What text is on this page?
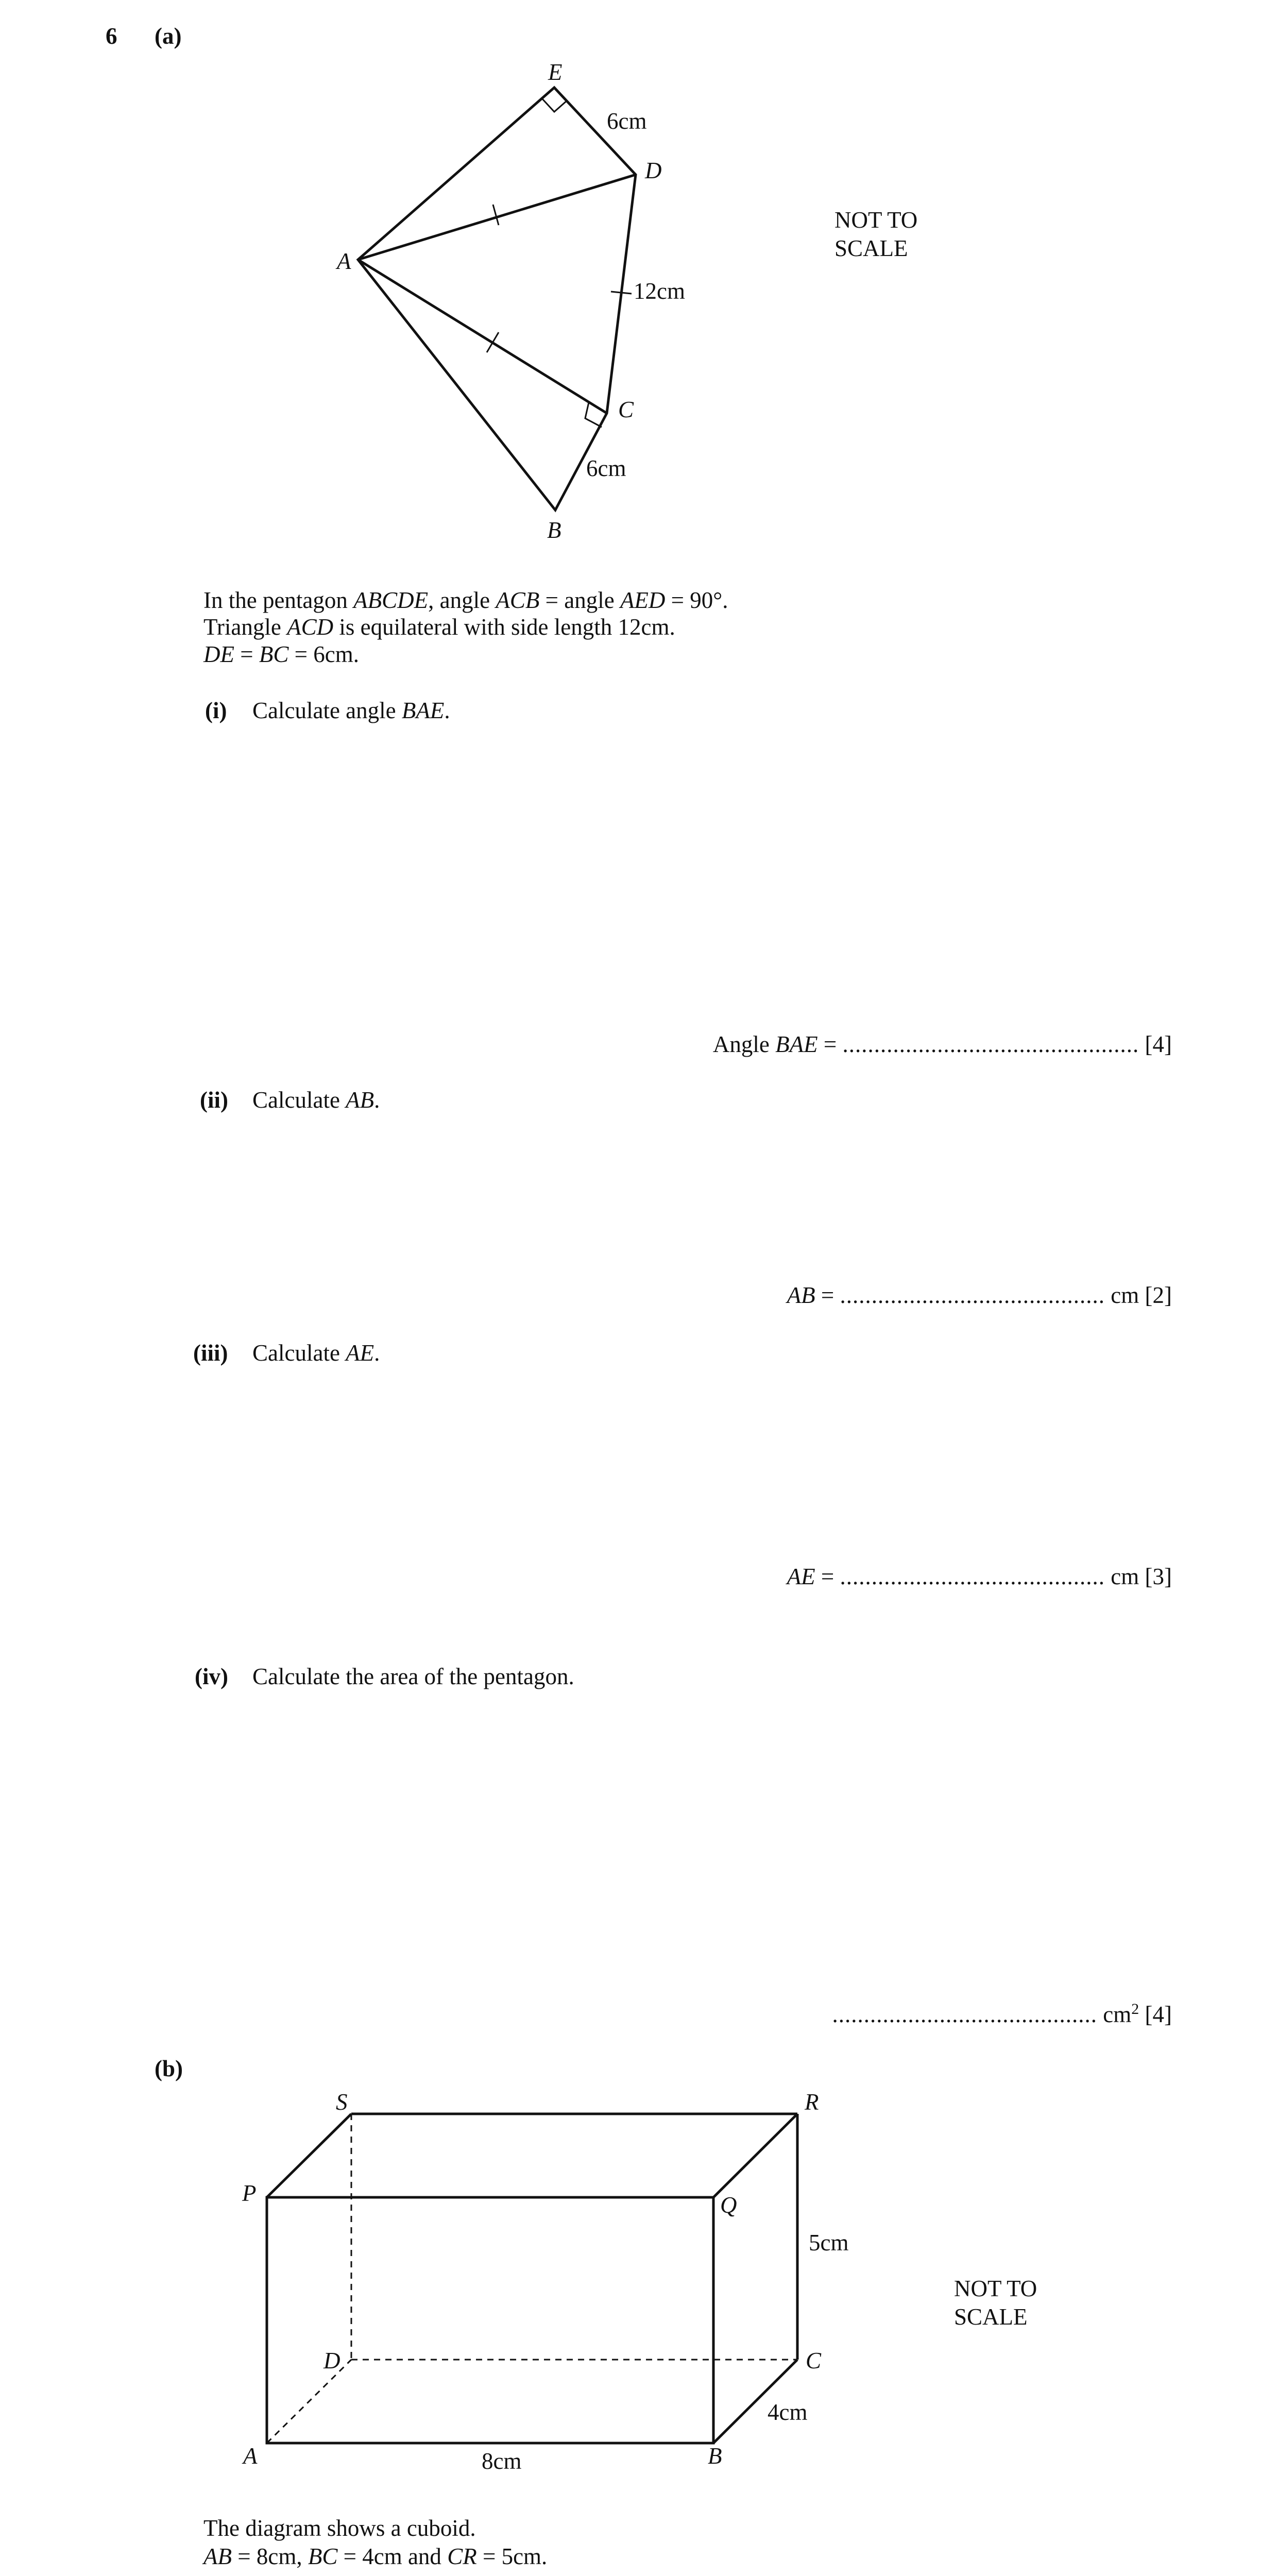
6 (a)
E
D
A
C
B
6cm
12cm
6cm
NOT TO
SCALE
In the pentagon ABCDE, angle ACB = angle AED = 90°.
Triangle ACD is equilateral with side length 12cm.
DE = BC = 6cm.
(i) Calculate angle BAE.
Angle BAE = ............................................... [4]
(ii) Calculate AB.
AB = .......................................... cm [2]
(iii) Calculate AE.
AE = .......................................... cm [3]
(iv) Calculate the area of the pentagon.
.......................................... $cm^2$ [4]
(b)
S	R
P	Q
D	C
A	B
5cm
4cm
8cm
NOT TO
SCALE
The diagram shows a cuboid.
AB = 8cm, BC = 4cm and CR = 5cm.
